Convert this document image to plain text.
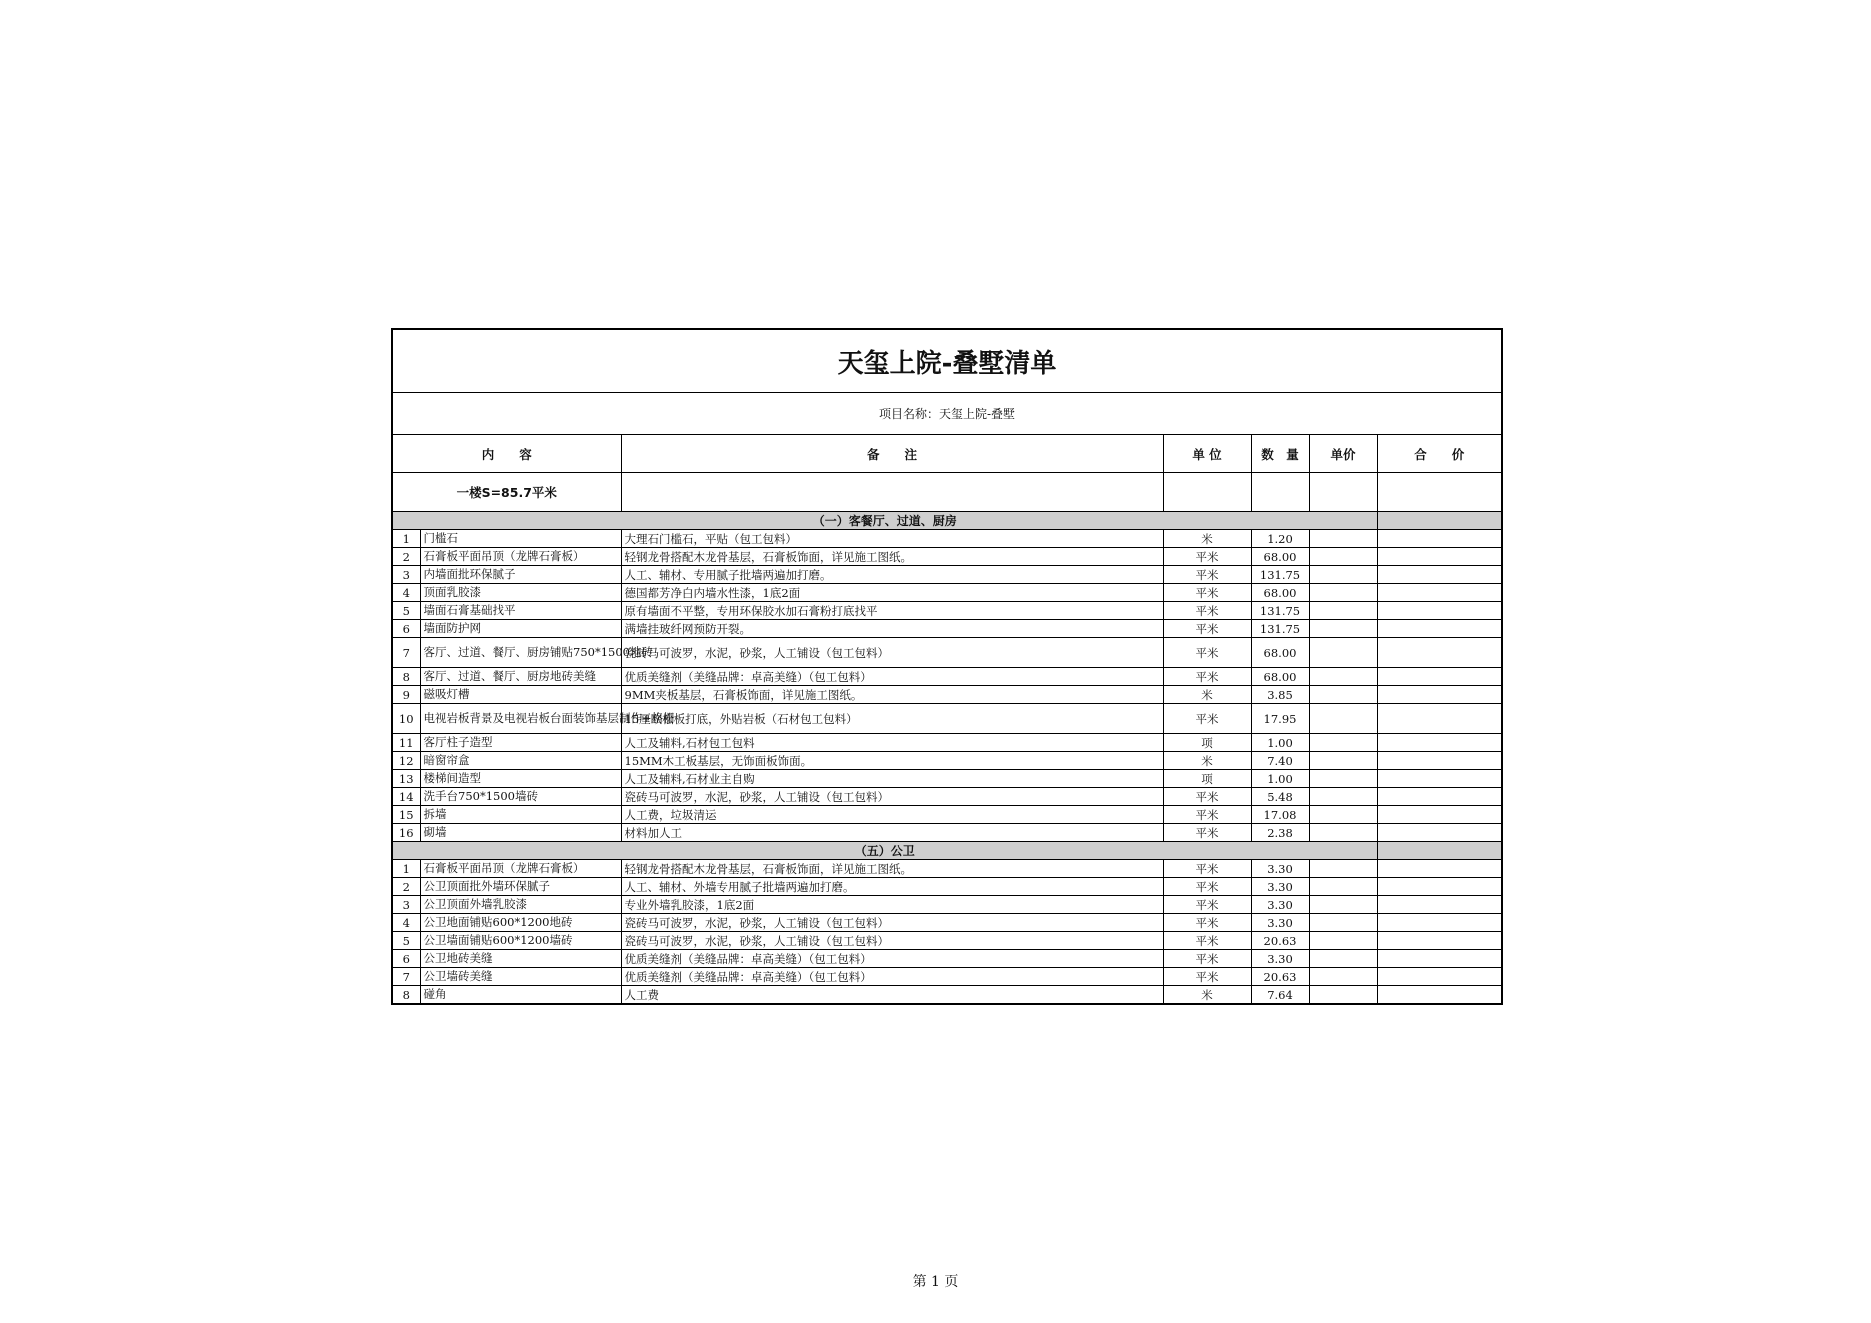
天玺上院-叠墅清单						
项目名称：天玺上院-叠墅						
内　　容		备　　注	单 位	数　量	单价	合　　价
一楼S=85.7平米						
（一）客餐厅、过道、厨房						
1	门槛石	大理石门槛石，平贴（包工包料）	米	1.20		
2	石膏板平面吊顶（龙牌石膏板）	轻钢龙骨搭配木龙骨基层，石膏板饰面，详见施工图纸。	平米	68.00		
3	内墙面批环保腻子	人工、辅材、专用腻子批墙两遍加打磨。	平米	131.75		
4	顶面乳胶漆	德国都芳净白内墙水性漆，1底2面	平米	68.00		
5	墙面石膏基础找平	原有墙面不平整，专用环保胶水加石膏粉打底找平	平米	131.75		
6	墙面防护网	满墙挂玻纤网预防开裂。	平米	131.75		
7	客厅、过道、餐厅、厨房铺贴750*1500地砖	瓷砖马可波罗，水泥，砂浆，人工铺设（包工包料）	平米	68.00		
8	客厅、过道、餐厅、厨房地砖美缝	优质美缝剂（美缝品牌：卓高美缝）（包工包料）	平米	68.00		
9	磁吸灯槽	9MM夹板基层，石膏板饰面，详见施工图纸。	米	3.85		
10	电视岩板背景及电视岩板台面装饰基层制作+格栅	15厘欧松板打底，外贴岩板（石材包工包料）	平米	17.95		
11	客厅柱子造型	人工及辅料,石材包工包料	项	1.00		
12	暗窗帘盒	15MM木工板基层，无饰面板饰面。	米	7.40		
13	楼梯间造型	人工及辅料,石材业主自购	项	1.00		
14	洗手台750*1500墙砖	瓷砖马可波罗，水泥，砂浆，人工铺设（包工包料）	平米	5.48		
15	拆墙	人工费，垃圾清运	平米	17.08		
16	砌墙	材料加人工	平米	2.38		
（五）公卫						
1	石膏板平面吊顶（龙牌石膏板）	轻钢龙骨搭配木龙骨基层，石膏板饰面，详见施工图纸。	平米	3.30		
2	公卫顶面批外墙环保腻子	人工、辅材、外墙专用腻子批墙两遍加打磨。	平米	3.30		
3	公卫顶面外墙乳胶漆	专业外墙乳胶漆，1底2面	平米	3.30		
4	公卫地面铺贴600*1200地砖	瓷砖马可波罗，水泥，砂浆，人工铺设（包工包料）	平米	3.30		
5	公卫墙面铺贴600*1200墙砖	瓷砖马可波罗，水泥，砂浆，人工铺设（包工包料）	平米	20.63		
6	公卫地砖美缝	优质美缝剂（美缝品牌：卓高美缝）（包工包料）	平米	3.30		
7	公卫墙砖美缝	优质美缝剂（美缝品牌：卓高美缝）（包工包料）	平米	20.63		
8	碰角	人工费	米	7.64		
第 1 页
